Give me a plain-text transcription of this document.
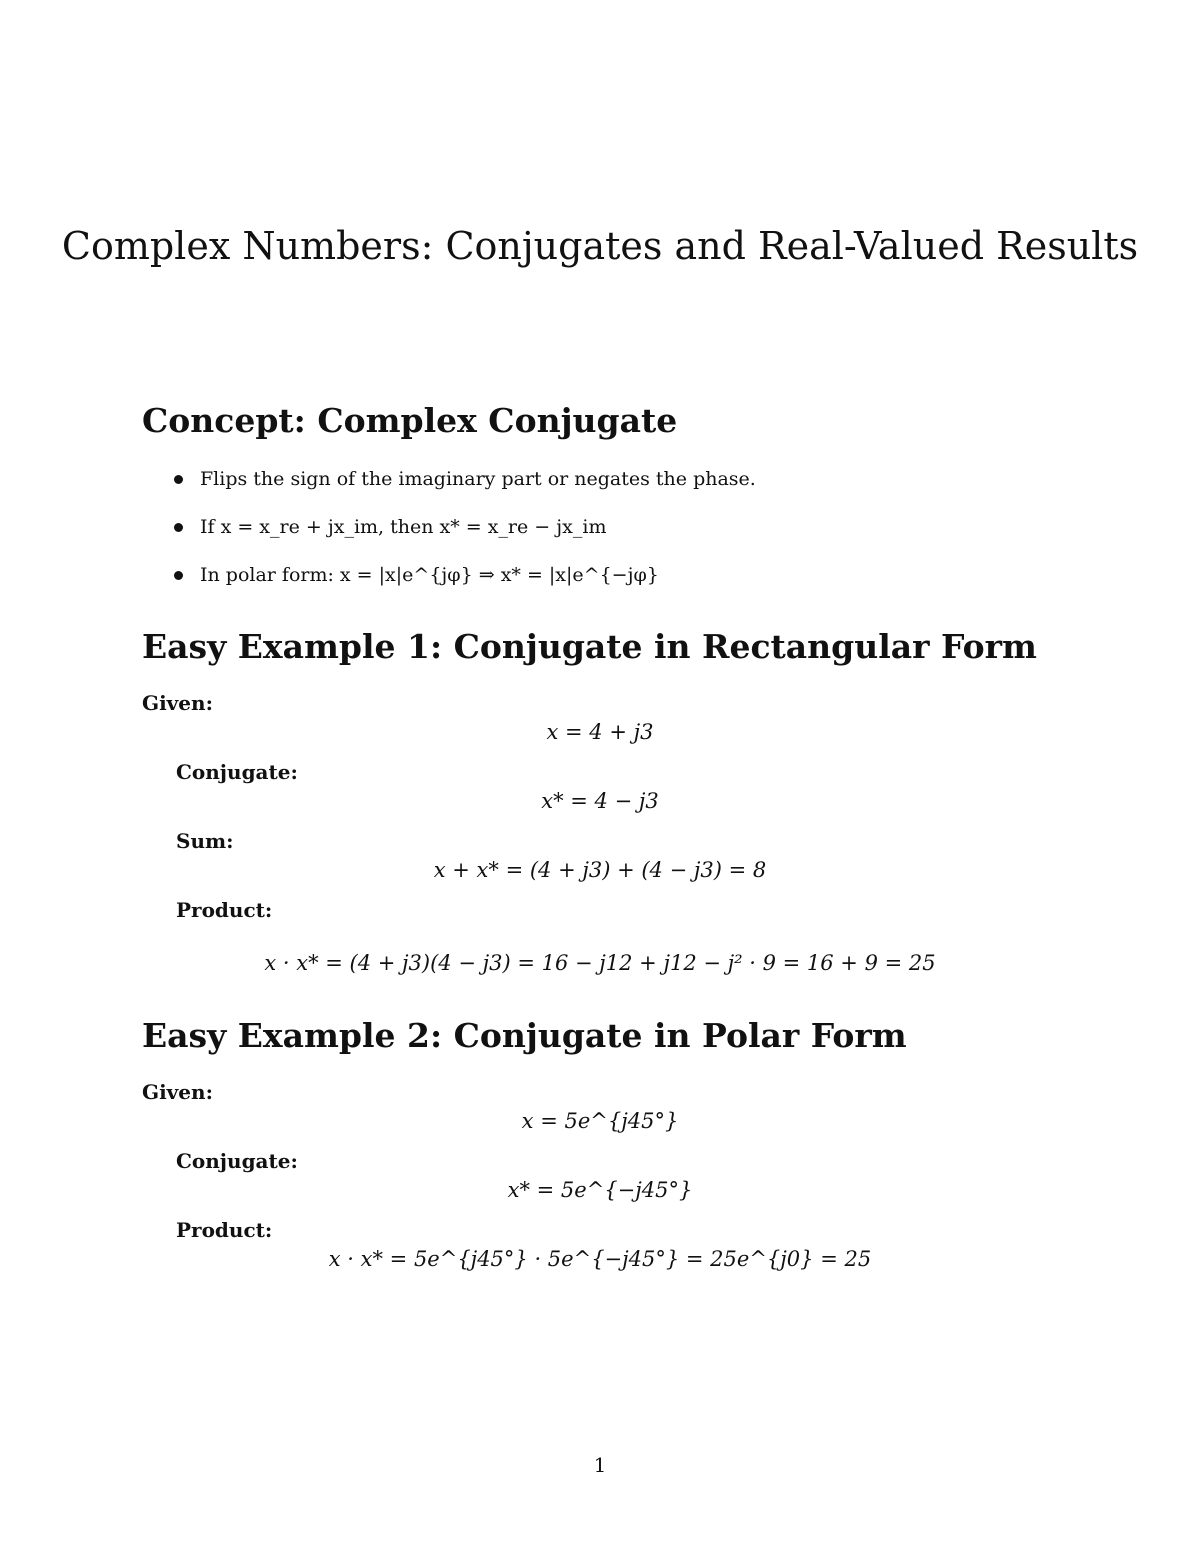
Complex Numbers: Conjugates and Real-Valued Results
Concept: Complex Conjugate
Flips the sign of the imaginary part or negates the phase.
If x = x_re + jx_im, then x* = x_re − jx_im
In polar form: x = |x|e^{jφ} ⇒ x* = |x|e^{−jφ}
Easy Example 1: Conjugate in Rectangular Form

Given:

x = 4 + j3

Conjugate:

x* = 4 − j3

Sum:

x + x* = (4 + j3) + (4 − j3) = 8

Product:

x · x* = (4 + j3)(4 − j3) = 16 − j12 + j12 − j² · 9 = 16 + 9 = 25

Easy Example 2: Conjugate in Polar Form

Given:

x = 5e^{j45°}

Conjugate:

x* = 5e^{−j45°}

Product:

x · x* = 5e^{j45°} · 5e^{−j45°} = 25e^{j0} = 25

1
